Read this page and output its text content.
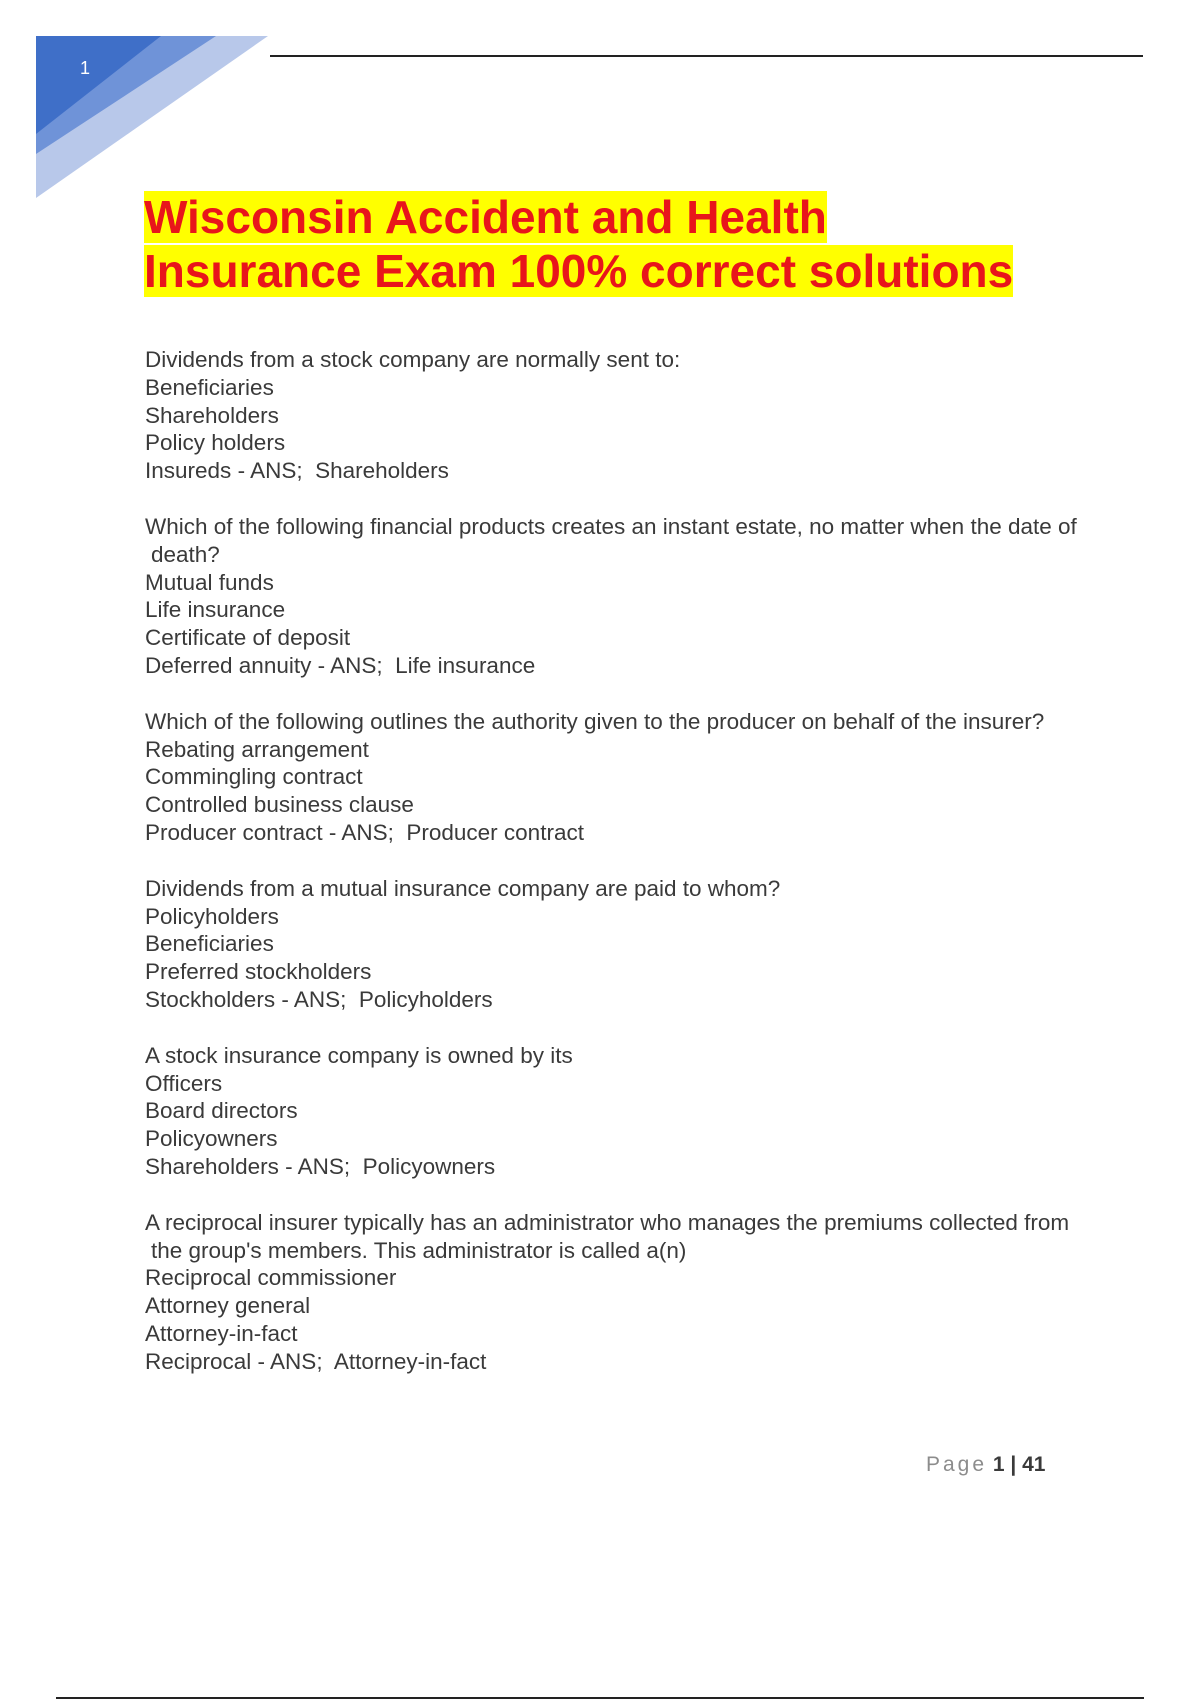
1
Wisconsin Accident and Health
Insurance Exam 100% correct solutions
Dividends from a stock company are normally sent to:
Beneficiaries
Shareholders
Policy holders
Insureds - ANS;  Shareholders
Which of the following financial products creates an instant estate, no matter when the date of death?
Mutual funds
Life insurance
Certificate of deposit
Deferred annuity - ANS;  Life insurance
Which of the following outlines the authority given to the producer on behalf of the insurer?
Rebating arrangement
Commingling contract
Controlled business clause
Producer contract - ANS;  Producer contract
Dividends from a mutual insurance company are paid to whom?
Policyholders
Beneficiaries
Preferred stockholders
Stockholders - ANS;  Policyholders
A stock insurance company is owned by its
Officers
Board directors
Policyowners
Shareholders - ANS;  Policyowners
A reciprocal insurer typically has an administrator who manages the premiums collected from the group's members. This administrator is called a(n)
Reciprocal commissioner
Attorney general
Attorney-in-fact
Reciprocal - ANS;  Attorney-in-fact
Page 1 | 41
